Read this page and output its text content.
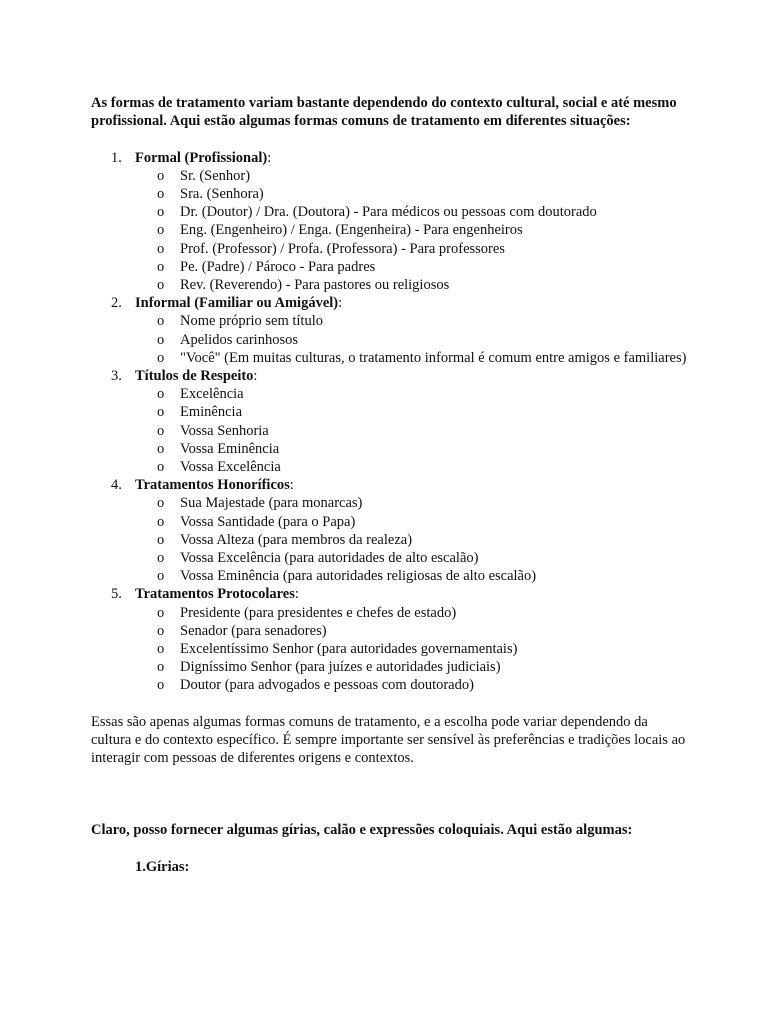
As formas de tratamento variam bastante dependendo do contexto cultural, social e até mesmo profissional. Aqui estão algumas formas comuns de tratamento em diferentes situações:

1. Formal (Profissional):
o Sr. (Senhor)
o Sra. (Senhora)
o Dr. (Doutor) / Dra. (Doutora) - Para médicos ou pessoas com doutorado
o Eng. (Engenheiro) / Enga. (Engenheira) - Para engenheiros
o Prof. (Professor) / Profa. (Professora) - Para professores
o Pe. (Padre) / Pároco - Para padres
o Rev. (Reverendo) - Para pastores ou religiosos
2. Informal (Familiar ou Amigável):
o Nome próprio sem título
o Apelidos carinhosos
o "Você" (Em muitas culturas, o tratamento informal é comum entre amigos e familiares)
3. Títulos de Respeito:
o Excelência
o Eminência
o Vossa Senhoria
o Vossa Eminência
o Vossa Excelência
4. Tratamentos Honoríficos:
o Sua Majestade (para monarcas)
o Vossa Santidade (para o Papa)
o Vossa Alteza (para membros da realeza)
o Vossa Excelência (para autoridades de alto escalão)
o Vossa Eminência (para autoridades religiosas de alto escalão)
5. Tratamentos Protocolares:
o Presidente (para presidentes e chefes de estado)
o Senador (para senadores)
o Excelentíssimo Senhor (para autoridades governamentais)
o Digníssimo Senhor (para juízes e autoridades judiciais)
o Doutor (para advogados e pessoas com doutorado)

Essas são apenas algumas formas comuns de tratamento, e a escolha pode variar dependendo da cultura e do contexto específico. É sempre importante ser sensível às preferências e tradições locais ao interagir com pessoas de diferentes origens e contextos.

Claro, posso fornecer algumas gírias, calão e expressões coloquiais. Aqui estão algumas:

1.Gírias:
